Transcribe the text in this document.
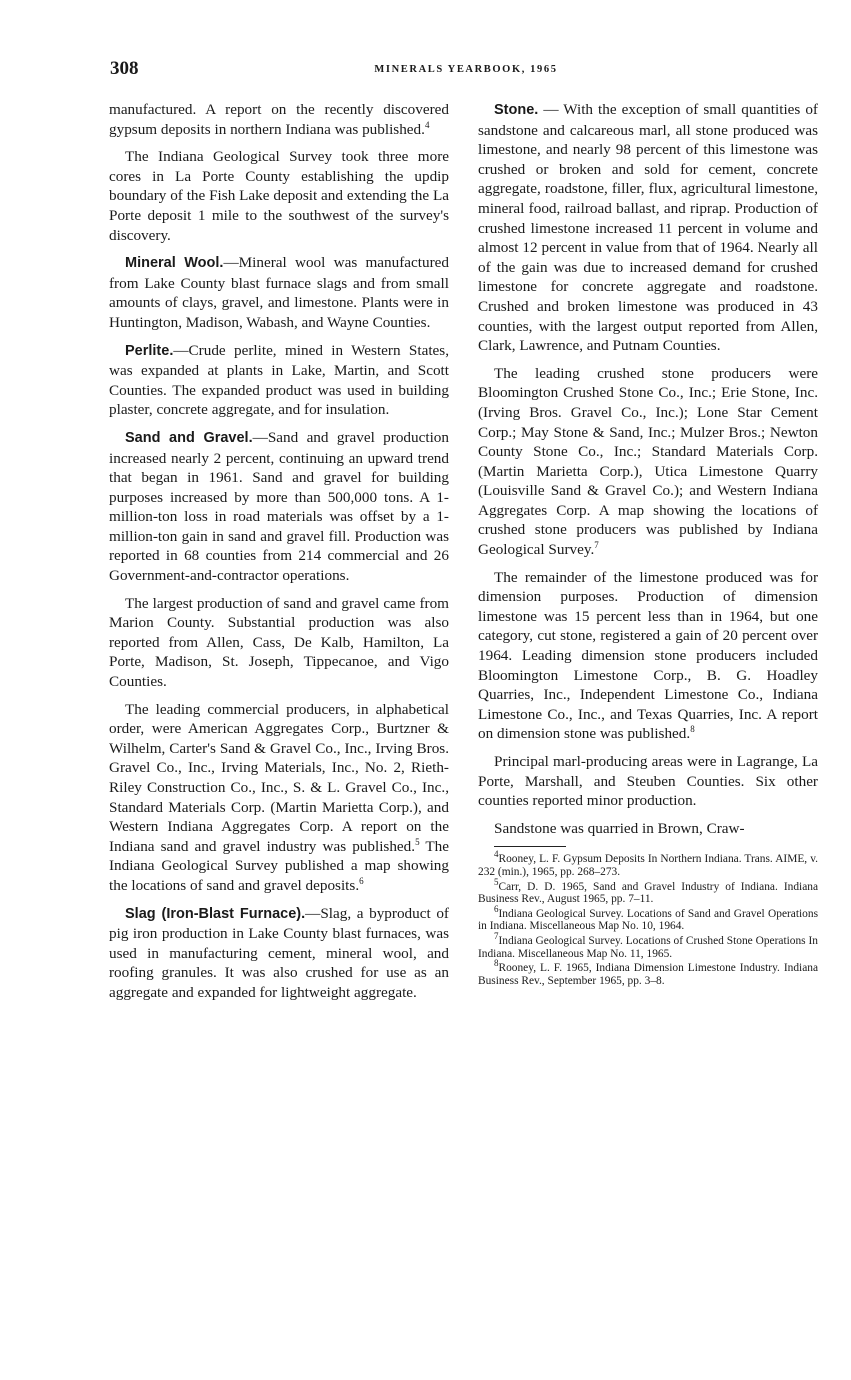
308	MINERALS YEARBOOK, 1965

manufactured. A report on the recently discovered gypsum deposits in northern Indiana was published.$^4$

The Indiana Geological Survey took three more cores in La Porte County establishing the updip boundary of the Fish Lake deposit and extending the La Porte deposit 1 mile to the southwest of the survey's discovery.

Mineral Wool.—Mineral wool was manufactured from Lake County blast furnace slags and from small amounts of clays, gravel, and limestone. Plants were in Huntington, Madison, Wabash, and Wayne Counties.

Perlite.—Crude perlite, mined in Western States, was expanded at plants in Lake, Martin, and Scott Counties. The expanded product was used in building plaster, concrete aggregate, and for insulation.

Sand and Gravel.—Sand and gravel production increased nearly 2 percent, continuing an upward trend that began in 1961. Sand and gravel for building purposes increased by more than 500,000 tons. A 1-million-ton loss in road materials was offset by a 1-million-ton gain in sand and gravel fill. Production was reported in 68 counties from 214 commercial and 26 Government-and-contractor operations.

The largest production of sand and gravel came from Marion County. Substantial production was also reported from Allen, Cass, De Kalb, Hamilton, La Porte, Madison, St. Joseph, Tippecanoe, and Vigo Counties.

The leading commercial producers, in alphabetical order, were American Aggregates Corp., Burtzner & Wilhelm, Carter's Sand & Gravel Co., Inc., Irving Bros. Gravel Co., Inc., Irving Materials, Inc., No. 2, Rieth-Riley Construction Co., Inc., S. & L. Gravel Co., Inc., Standard Materials Corp. (Martin Marietta Corp.), and Western Indiana Aggregates Corp. A report on the Indiana sand and gravel industry was published.$^5$ The Indiana Geological Survey published a map showing the locations of sand and gravel deposits.$^6$

Slag (Iron-Blast Furnace).—Slag, a byproduct of pig iron production in Lake County blast furnaces, was used in manufacturing cement, mineral wool, and roofing granules. It was also crushed for use as an aggregate and expanded for lightweight aggregate.

Stone. — With the exception of small quantities of sandstone and calcareous marl, all stone produced was limestone, and nearly 98 percent of this limestone was crushed or broken and sold for cement, concrete aggregate, roadstone, filler, flux, agricultural limestone, mineral food, railroad ballast, and riprap. Production of crushed limestone increased 11 percent in volume and almost 12 percent in value from that of 1964. Nearly all of the gain was due to increased demand for crushed limestone for concrete aggregate and roadstone. Crushed and broken limestone was produced in 43 counties, with the largest output reported from Allen, Clark, Lawrence, and Putnam Counties.

The leading crushed stone producers were Bloomington Crushed Stone Co., Inc.; Erie Stone, Inc. (Irving Bros. Gravel Co., Inc.); Lone Star Cement Corp.; May Stone & Sand, Inc.; Mulzer Bros.; Newton County Stone Co., Inc.; Standard Materials Corp. (Martin Marietta Corp.), Utica Limestone Quarry (Louisville Sand & Gravel Co.); and Western Indiana Aggregates Corp. A map showing the locations of crushed stone producers was published by Indiana Geological Survey.$^7$

The remainder of the limestone produced was for dimension purposes. Production of dimension limestone was 15 percent less than in 1964, but one category, cut stone, registered a gain of 20 percent over 1964. Leading dimension stone producers included Bloomington Limestone Corp., B. G. Hoadley Quarries, Inc., Independent Limestone Co., Indiana Limestone Co., Inc., and Texas Quarries, Inc. A report on dimension stone was published.$^8$

Principal marl-producing areas were in Lagrange, La Porte, Marshall, and Steuben Counties. Six other counties reported minor production.

Sandstone was quarried in Brown, Craw-

$^4$Rooney, L. F. Gypsum Deposits In Northern Indiana. Trans. AIME, v. 232 (min.), 1965, pp. 268–273.

$^5$Carr, D. D. 1965, Sand and Gravel Industry of Indiana. Indiana Business Rev., August 1965, pp. 7–11.

$^6$Indiana Geological Survey. Locations of Sand and Gravel Operations in Indiana. Miscellaneous Map No. 10, 1964.

$^7$Indiana Geological Survey. Locations of Crushed Stone Operations In Indiana. Miscellaneous Map No. 11, 1965.

$^8$Rooney, L. F. 1965, Indiana Dimension Limestone Industry. Indiana Business Rev., September 1965, pp. 3–8.
